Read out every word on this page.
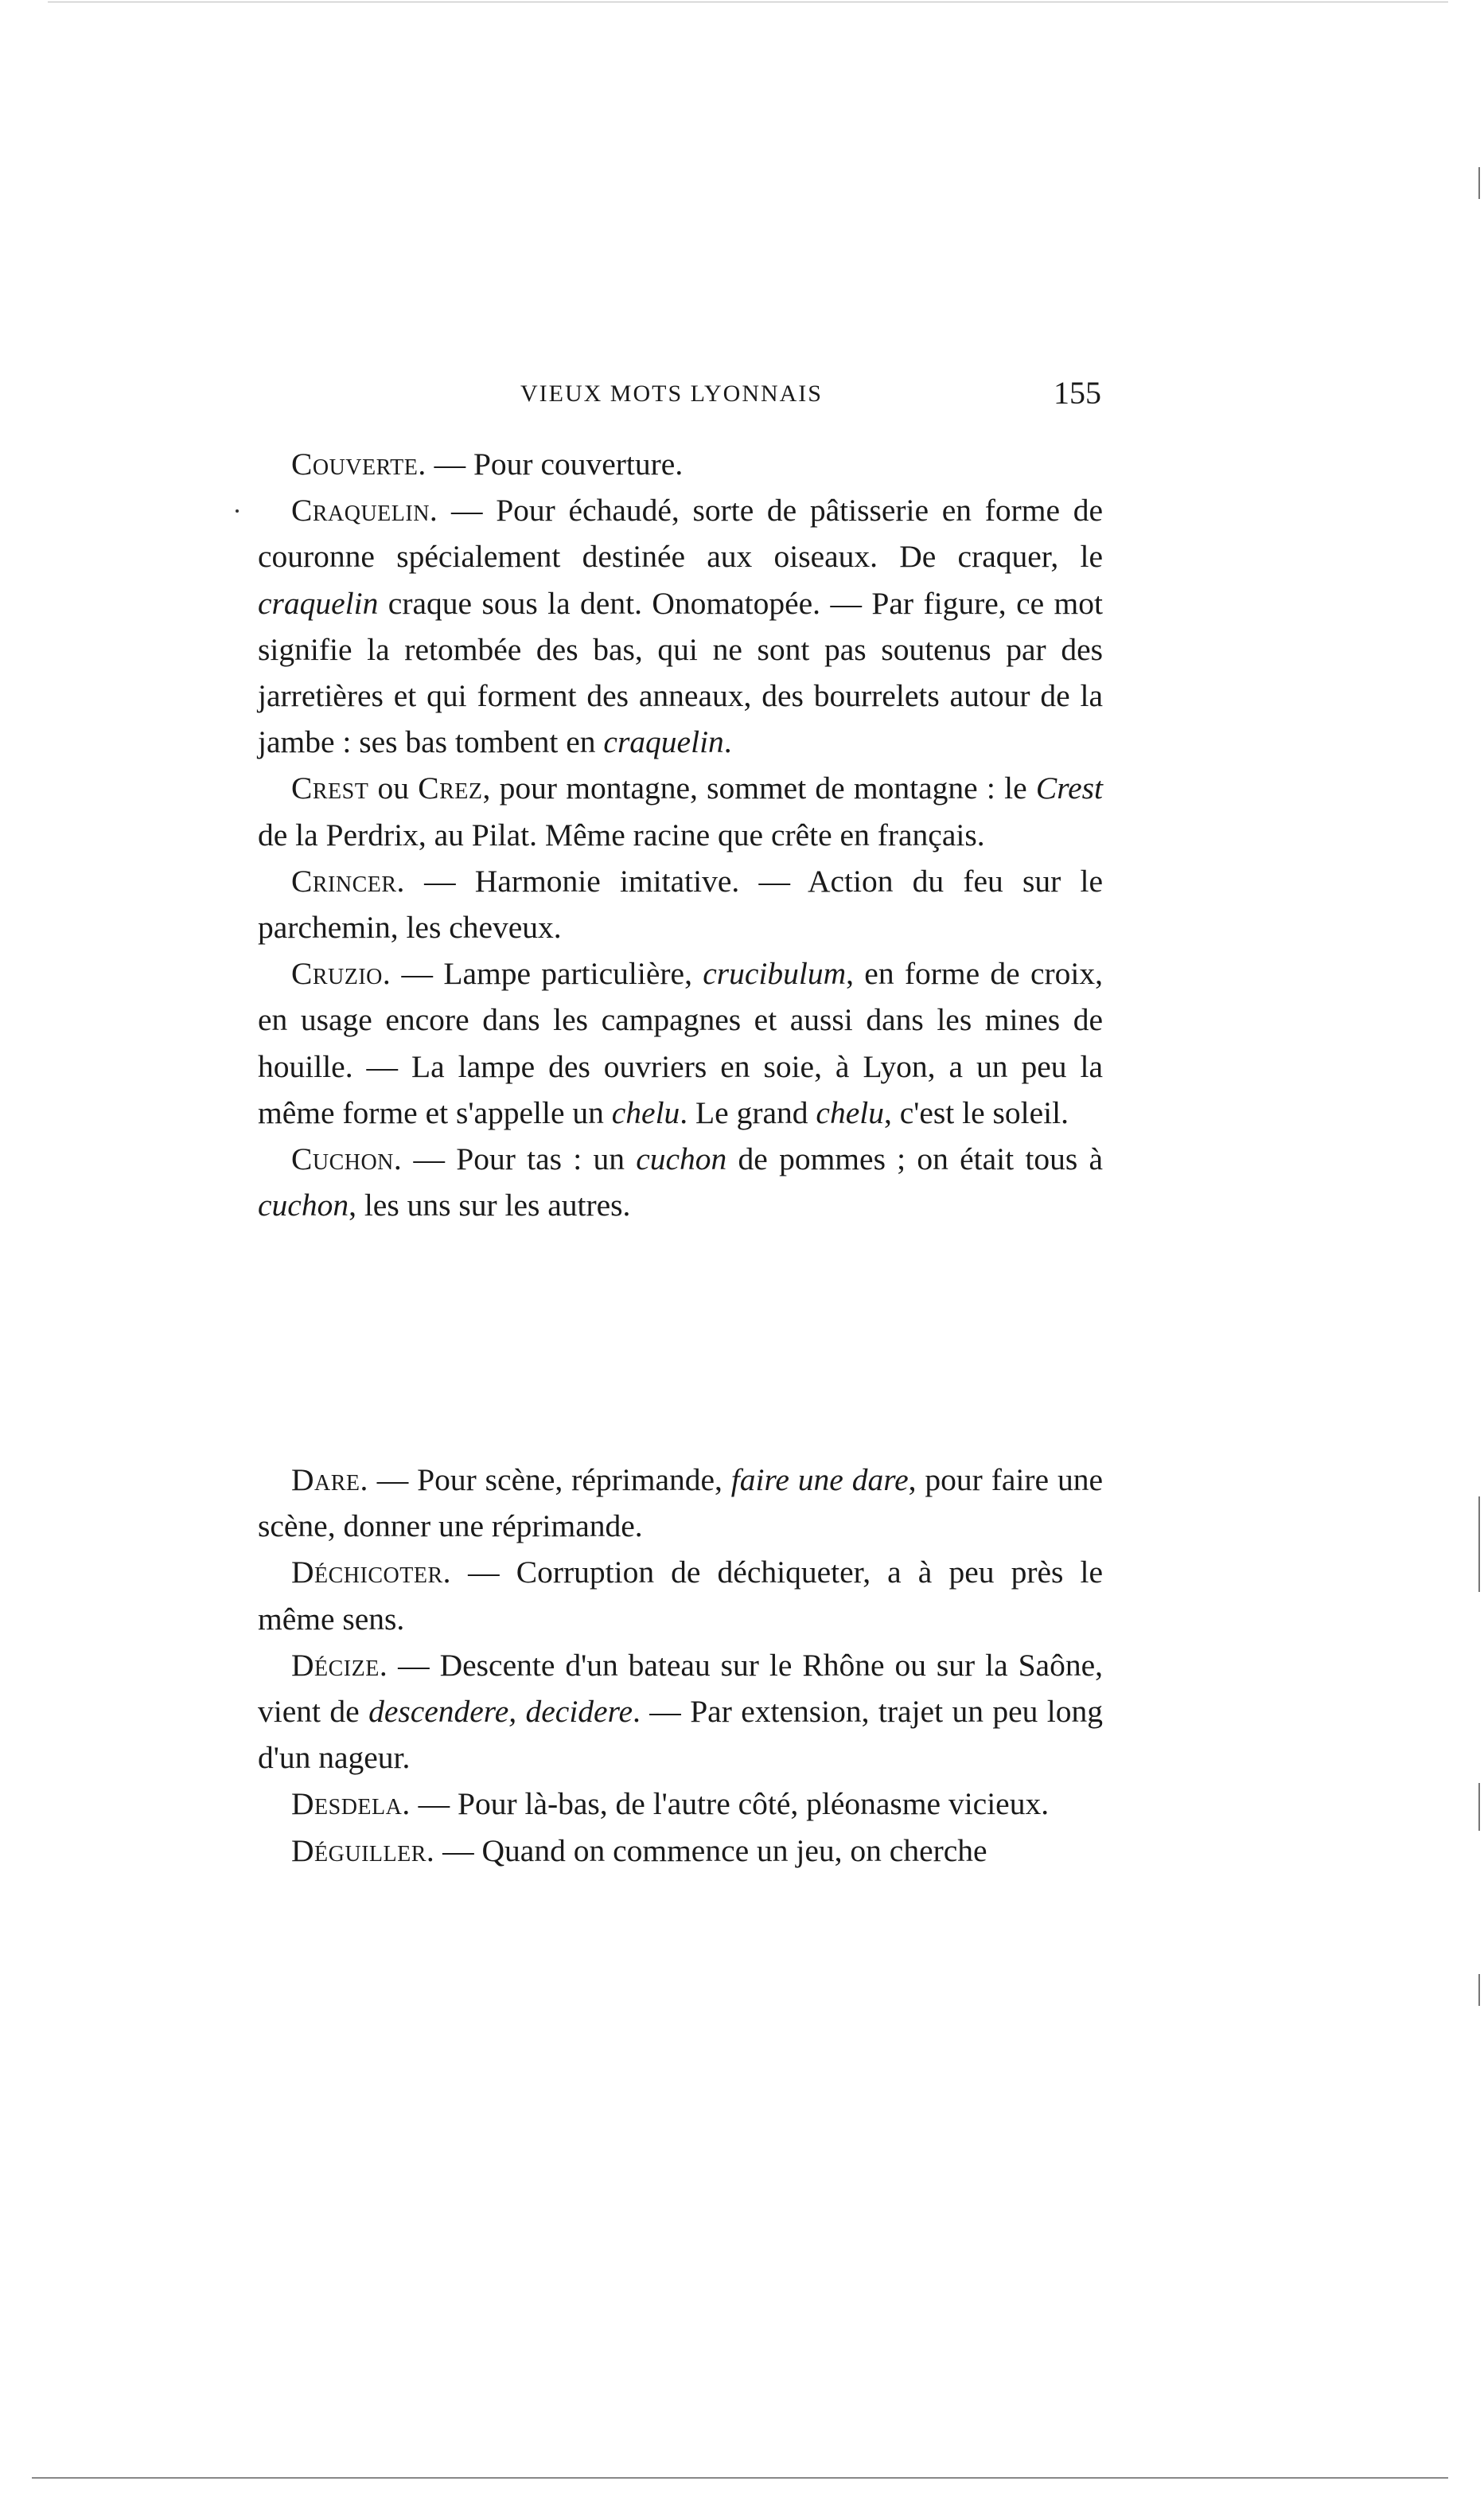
VIEUX MOTS LYONNAIS	155

Couverte. — Pour couverture.

Craquelin. — Pour échaudé, sorte de pâtisserie en forme de couronne spécialement destinée aux oiseaux. De craquer, le craquelin craque sous la dent. Onomatopée. — Par figure, ce mot signifie la retombée des bas, qui ne sont pas soutenus par des jarretières et qui forment des anneaux, des bourrelets autour de la jambe : ses bas tombent en craquelin.

Crest ou Crez, pour montagne, sommet de montagne : le Crest de la Perdrix, au Pilat. Même racine que crête en français.

Crincer. — Harmonie imitative. — Action du feu sur le parchemin, les cheveux.

Cruzio. — Lampe particulière, crucibulum, en forme de croix, en usage encore dans les campagnes et aussi dans les mines de houille. — La lampe des ouvriers en soie, à Lyon, a un peu la même forme et s'appelle un chelu. Le grand chelu, c'est le soleil.

Cuchon. — Pour tas : un cuchon de pommes ; on était tous à cuchon, les uns sur les autres.

Dare. — Pour scène, réprimande, faire une dare, pour faire une scène, donner une réprimande.

Déchicoter. — Corruption de déchiqueter, a à peu près le même sens.

Décize. — Descente d'un bateau sur le Rhône ou sur la Saône, vient de descendere, decidere. — Par extension, trajet un peu long d'un nageur.

Desdela. — Pour là-bas, de l'autre côté, pléonasme vicieux.

Déguiller. — Quand on commence un jeu, on cherche
